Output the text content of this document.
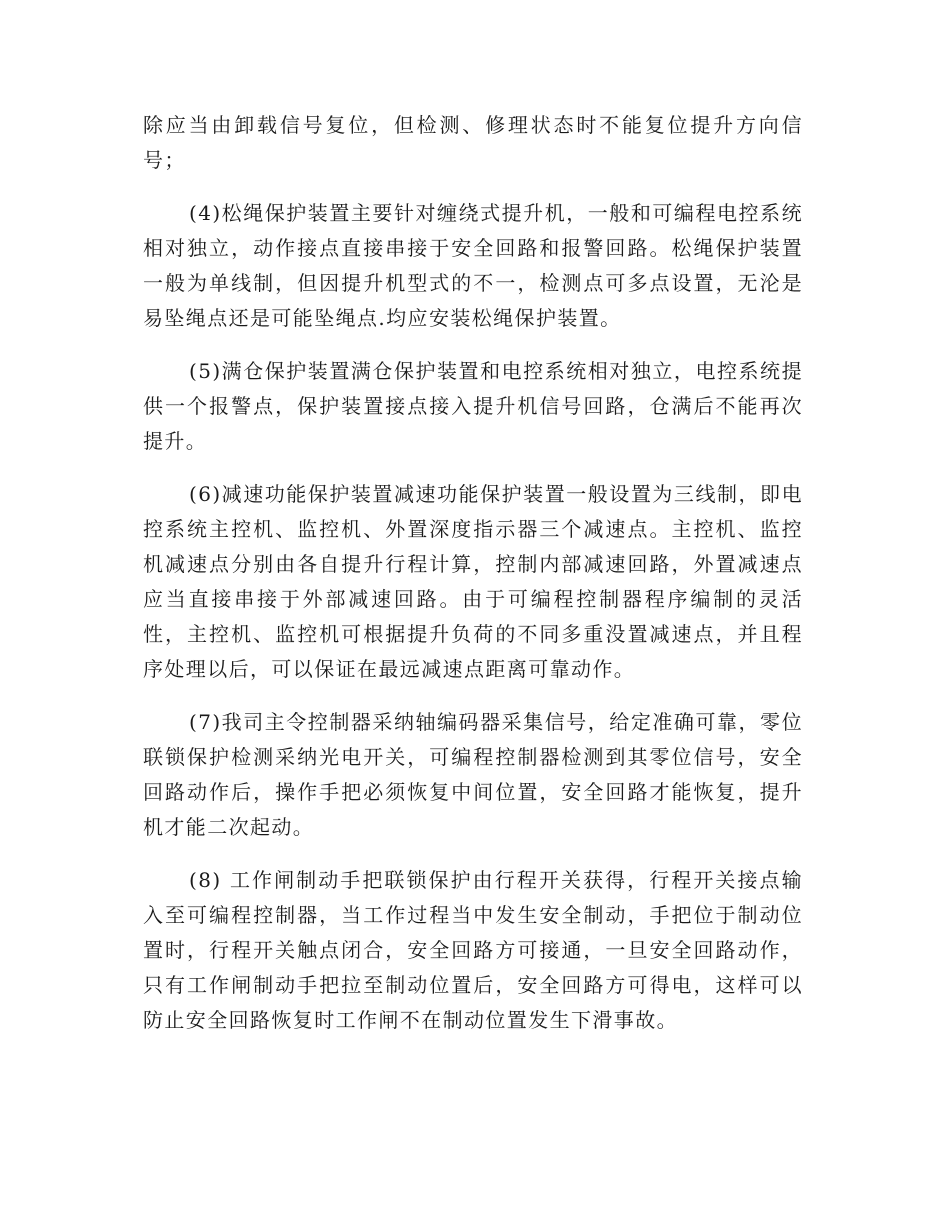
除应当由卸载信号复位，但检测、修理状态时不能复位提升方向信号；

(4)松绳保护装置主要针对缠绕式提升机，一般和可编程电控系统相对独立，动作接点直接串接于安全回路和报警回路。松绳保护装置一般为单线制，但因提升机型式的不一，检测点可多点设置，无沦是易坠绳点还是可能坠绳点.均应安装松绳保护装置。

(5)满仓保护装置满仓保护装置和电控系统相对独立，电控系统提供一个报警点，保护装置接点接入提升机信号回路，仓满后不能再次提升。

(6)减速功能保护装置减速功能保护装置一般设置为三线制，即电控系统主控机、监控机、外置深度指示器三个减速点。主控机、监控机减速点分别由各自提升行程计算，控制内部减速回路，外置减速点应当直接串接于外部减速回路。由于可编程控制器程序编制的灵活性，主控机、监控机可根据提升负荷的不同多重没置减速点，并且程序处理以后，可以保证在最远减速点距离可靠动作。

(7)我司主令控制器采纳轴编码器采集信号，给定准确可靠，零位联锁保护检测采纳光电开关，可编程控制器检测到其零位信号，安全回路动作后，操作手把必须恢复中间位置，安全回路才能恢复，提升机才能二次起动。

(8) 工作闸制动手把联锁保护由行程开关获得，行程开关接点输入至可编程控制器，当工作过程当中发生安全制动，手把位于制动位置时，行程开关触点闭合，安全回路方可接通，一旦安全回路动作，只有工作闸制动手把拉至制动位置后，安全回路方可得电，这样可以防止安全回路恢复时工作闸不在制动位置发生下滑事故。
